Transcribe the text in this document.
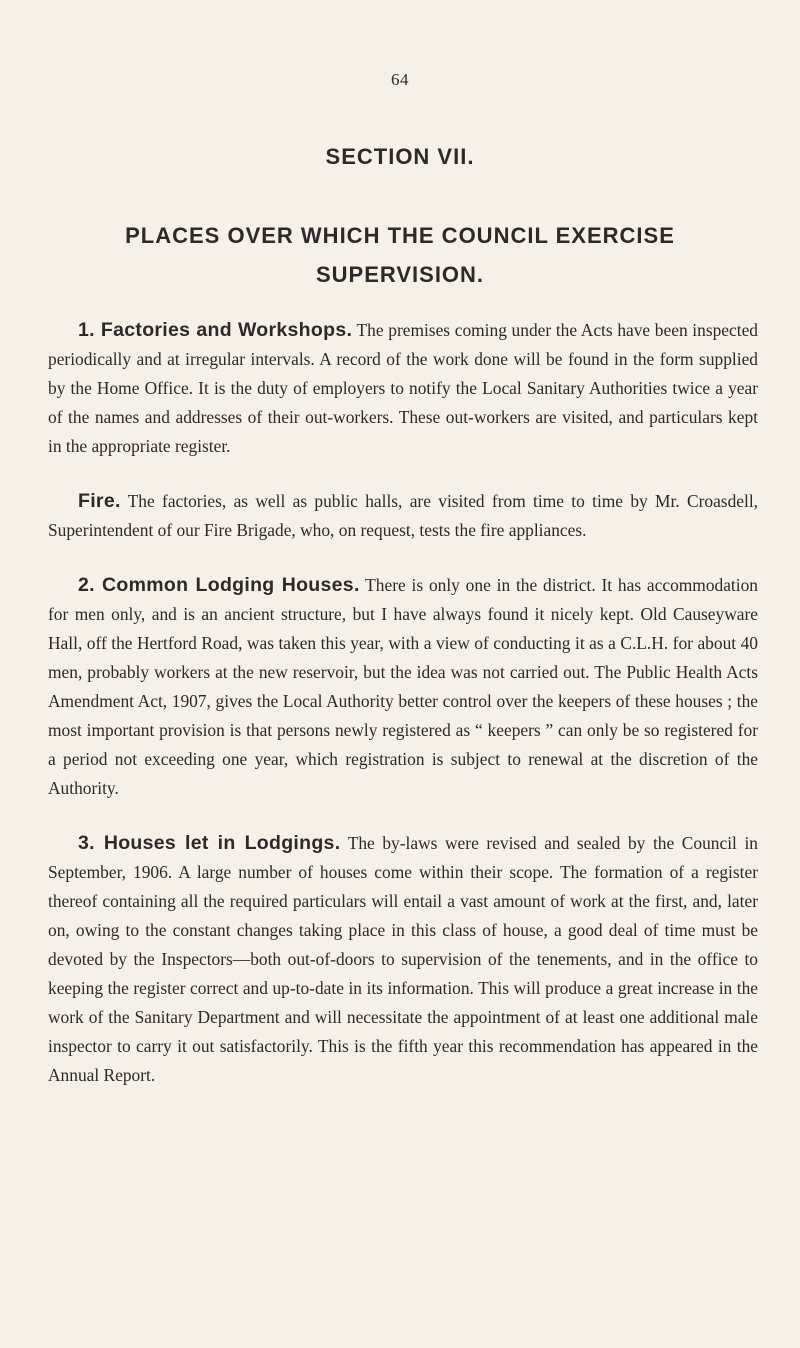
64
SECTION VII.
PLACES OVER WHICH THE COUNCIL EXERCISE SUPERVISION.

1. Factories and Workshops. The premises coming under the Acts have been inspected periodically and at irregular intervals. A record of the work done will be found in the form supplied by the Home Office. It is the duty of employers to notify the Local Sanitary Authorities twice a year of the names and addresses of their out-workers. These out-workers are visited, and particulars kept in the appropriate register.

Fire. The factories, as well as public halls, are visited from time to time by Mr. Croasdell, Superintendent of our Fire Brigade, who, on request, tests the fire appliances.

2. Common Lodging Houses. There is only one in the district. It has accommodation for men only, and is an ancient structure, but I have always found it nicely kept. Old Causeyware Hall, off the Hertford Road, was taken this year, with a view of conducting it as a C.L.H. for about 40 men, probably workers at the new reservoir, but the idea was not carried out. The Public Health Acts Amendment Act, 1907, gives the Local Authority better control over the keepers of these houses ; the most important provision is that persons newly registered as “ keepers ” can only be so registered for a period not exceeding one year, which registration is subject to renewal at the discretion of the Authority.

3. Houses let in Lodgings. The by-laws were revised and sealed by the Council in September, 1906. A large number of houses come within their scope. The formation of a register thereof containing all the required particulars will entail a vast amount of work at the first, and, later on, owing to the constant changes taking place in this class of house, a good deal of time must be devoted by the Inspectors—both out-of-doors to supervision of the tenements, and in the office to keeping the register correct and up-to-date in its information. This will produce a great increase in the work of the Sanitary Department and will necessitate the appointment of at least one additional male inspector to carry it out satisfactorily. This is the fifth year this recommendation has appeared in the Annual Report.
